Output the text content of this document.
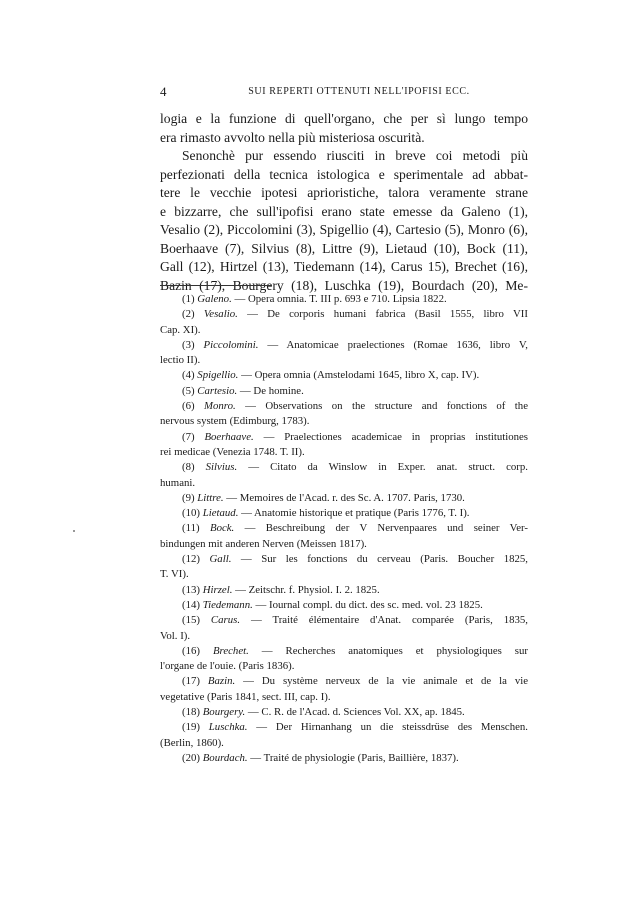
4	SUI REPERTI OTTENUTI NELL'IPOFISI ECC.

logia e la funzione di quell'organo, che per sì lungo tempo

era rimasto avvolto nella più misteriosa oscurità.

Senonchè pur essendo riusciti in breve coi metodi più

perfezionati della tecnica istologica e sperimentale ad abbat-

tere le vecchie ipotesi aprioristiche, talora veramente strane

e bizzarre, che sull'ipofisi erano state emesse da Galeno (1),

Vesalio (2), Piccolomini (3), Spigellio (4), Cartesio (5), Monro (6),

Boerhaave (7), Silvius (8), Littre (9), Lietaud (10), Bock (11),

Gall (12), Hirtzel (13), Tiedemann (14), Carus 15), Brechet (16),

Bazin (17), Bourgery (18), Luschka (19), Bourdach (20), Me-

(1) Galeno. — Opera omnia. T. III p. 693 e 710. Lipsia 1822.
(2) Vesalio. — De corporis humani fabrica (Basil 1555, libro VII
Cap. XI).
(3) Piccolomini. — Anatomicae praelectiones (Romae 1636, libro V,
lectio II).
(4) Spigellio. — Opera omnia (Amstelodami 1645, libro X, cap. IV).
(5) Cartesio. — De homine.
(6) Monro. — Observations on the structure and fonctions of the
nervous system (Edimburg, 1783).
(7) Boerhaave. — Praelectiones academicae in proprias institutiones
rei medicae (Venezia 1748. T. II).
(8) Silvius. — Citato da Winslow in Exper. anat. struct. corp.
humani.
(9) Littre. — Memoires de l'Acad. r. des Sc. A. 1707. Paris, 1730.
(10) Lietaud. — Anatomie historique et pratique (Paris 1776, T. I).
(11) Bock. — Beschreibung der V Nervenpaares und seiner Ver-
bindungen mit anderen Nerven (Meissen 1817).
(12) Gall. — Sur les fonctions du cerveau (Paris. Boucher 1825,
T. VI).
(13) Hirzel. — Zeitschr. f. Physiol. I. 2. 1825.
(14) Tiedemann. — Iournal compl. du dict. des sc. med. vol. 23 1825.
(15) Carus. — Traité élémentaire d'Anat. comparée (Paris, 1835,
Vol. I).
(16) Brechet. — Recherches anatomiques et physiologiques sur
l'organe de l'ouie. (Paris 1836).
(17) Bazin. — Du système nerveux de la vie animale et de la vie
vegetative (Paris 1841, sect. III, cap. I).
(18) Bourgery. — C. R. de l'Acad. d. Sciences Vol. XX, ap. 1845.
(19) Luschka. — Der Hirnanhang un die steissdrüse des Menschen.
(Berlin, 1860).
(20) Bourdach. — Traité de physiologie (Paris, Baillière, 1837).
